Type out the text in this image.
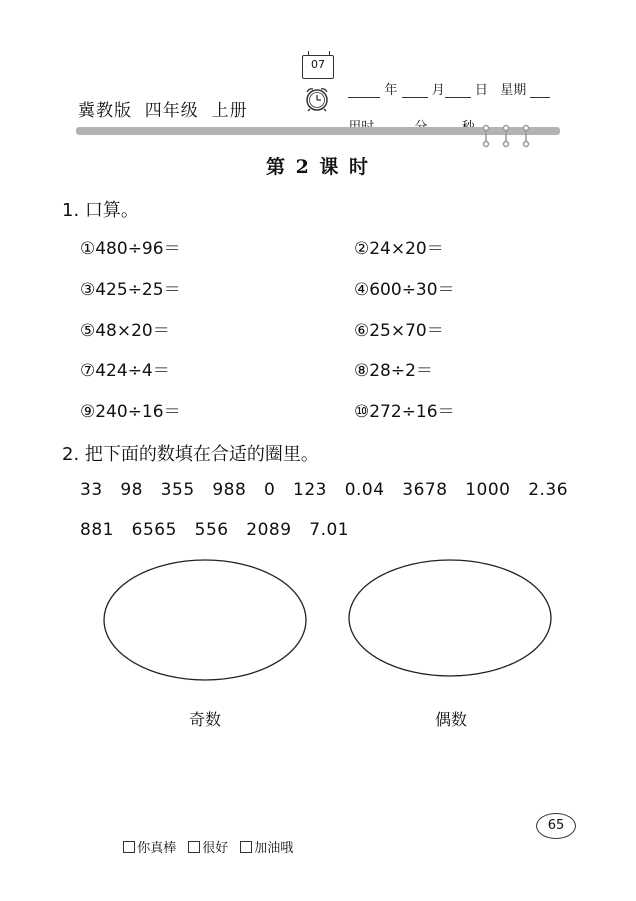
冀教版  四年级  上册
07

年	月 日 星期

第 2 课 时
1. 口算。
①480÷96＝	②24×20＝
③425÷25＝	④600÷30＝
⑤48×20＝	⑥25×70＝
⑦424÷4＝	⑧28÷2＝
⑨240÷16＝	⑩272÷16＝
2. 把下面的数填在合适的圈里。
33   98   355   988   0   123   0.04   3678   1000   2.36
881   6565   556   2089   7.01
奇数	偶数

你真棒 很好 加油哦

65
